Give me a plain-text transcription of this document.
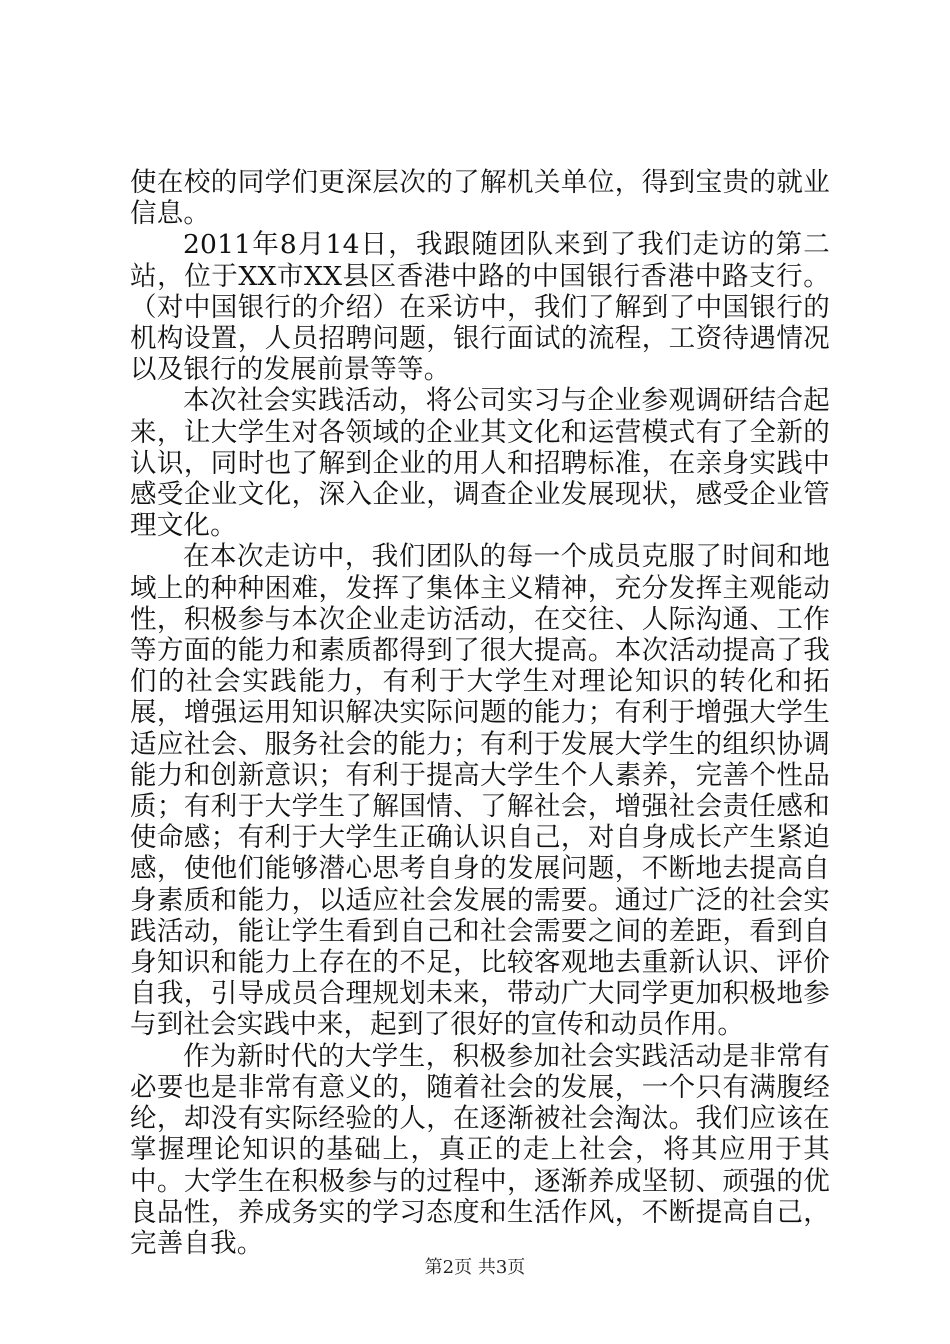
使在校的同学们更深层次的了解机关单位，得到宝贵的就业信息。

2011年8月14日，我跟随团队来到了我们走访的第二站，位于XX市XX县区香港中路的中国银行香港中路支行。（对中国银行的介绍）在采访中，我们了解到了中国银行的机构设置，人员招聘问题，银行面试的流程，工资待遇情况以及银行的发展前景等等。

本次社会实践活动，将公司实习与企业参观调研结合起来，让大学生对各领域的企业其文化和运营模式有了全新的认识，同时也了解到企业的用人和招聘标准，在亲身实践中感受企业文化，深入企业，调查企业发展现状，感受企业管理文化。

在本次走访中，我们团队的每一个成员克服了时间和地域上的种种困难，发挥了集体主义精神，充分发挥主观能动性，积极参与本次企业走访活动，在交往、人际沟通、工作等方面的能力和素质都得到了很大提高。本次活动提高了我们的社会实践能力，有利于大学生对理论知识的转化和拓展，增强运用知识解决实际问题的能力；有利于增强大学生适应社会、服务社会的能力；有利于发展大学生的组织协调能力和创新意识；有利于提高大学生个人素养，完善个性品质；有利于大学生了解国情、了解社会，增强社会责任感和使命感；有利于大学生正确认识自己，对自身成长产生紧迫感，使他们能够潜心思考自身的发展问题，不断地去提高自身素质和能力，以适应社会发展的需要。通过广泛的社会实践活动，能让学生看到自己和社会需要之间的差距，看到自身知识和能力上存在的不足，比较客观地去重新认识、评价自我，引导成员合理规划未来，带动广大同学更加积极地参与到社会实践中来，起到了很好的宣传和动员作用。

作为新时代的大学生，积极参加社会实践活动是非常有必要也是非常有意义的，随着社会的发展，一个只有满腹经纶，却没有实际经验的人，在逐渐被社会淘汰。我们应该在掌握理论知识的基础上，真正的走上社会，将其应用于其中。大学生在积极参与的过程中，逐渐养成坚韧、顽强的优良品性，养成务实的学习态度和生活作风，不断提高自己，完善自我。

第2页 共3页
